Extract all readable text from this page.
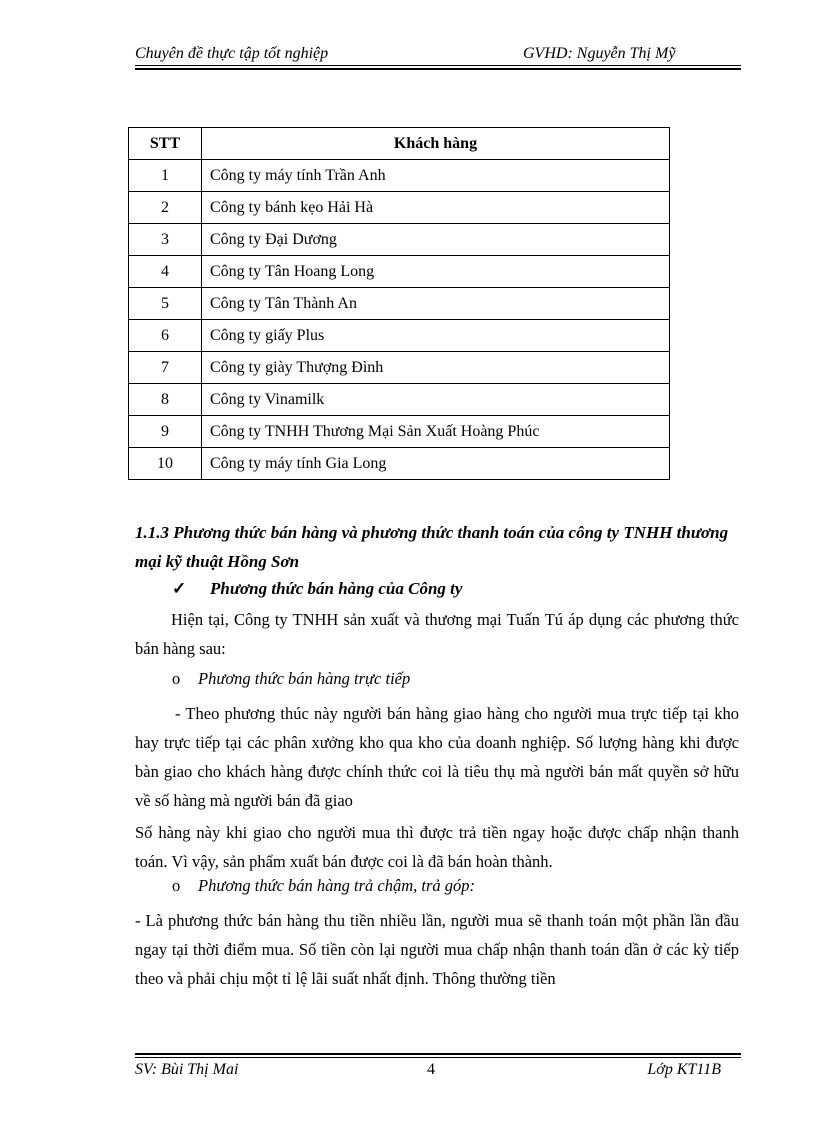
Chuyên đề thực tập tốt nghiệp	GVHD: Nguyễn Thị Mỹ
STT	Khách hàng
1	Công ty máy tính Trần Anh
2	Công ty bánh kẹo Hải Hà
3	Công ty Đại Dương
4	Công ty Tân Hoang Long
5	Công ty Tân Thành An
6	Công ty giấy Plus
7	Công ty giày Thượng Đình
8	Công ty Vinamilk
9	Công ty TNHH Thương Mại Sản Xuất Hoàng Phúc
10	Công ty máy tính Gia Long
1.1.3 Phương thức bán hàng và phương thức thanh toán của công ty TNHH thương mại kỹ thuật Hồng Sơn
✓ Phương thức bán hàng của Công ty
Hiện tại, Công ty TNHH sản xuất và thương mại Tuấn Tú áp dụng các phương thức bán hàng sau:
o Phương thức bán hàng trực tiếp
- Theo phương thúc này người bán hàng giao hàng cho người mua trực tiếp tại kho hay trực tiếp tại các phân xưởng kho qua kho của doanh nghiệp. Số lượng hàng khi được bàn giao cho khách hàng được chính thức coi là tiêu thụ mà người bán mất quyền sở hữu về số hàng mà người bán đã giao
Số hàng này khi giao cho người mua thì được trả tiền ngay hoặc được chấp nhận thanh toán. Vì vậy, sản phẩm xuất bán được coi là đã bán hoàn thành.
o Phương thức bán hàng trả chậm, trả góp:
- Là phương thức bán hàng thu tiền nhiều lần, người mua sẽ thanh toán một phần lần đầu ngay tại thời điểm mua. Số tiền còn lại người mua chấp nhận thanh toán dần ở các kỳ tiếp theo và phải chịu một tỉ lệ lãi suất nhất định. Thông thường tiền
SV: Bùi Thị Mai	4	Lớp KT11B
